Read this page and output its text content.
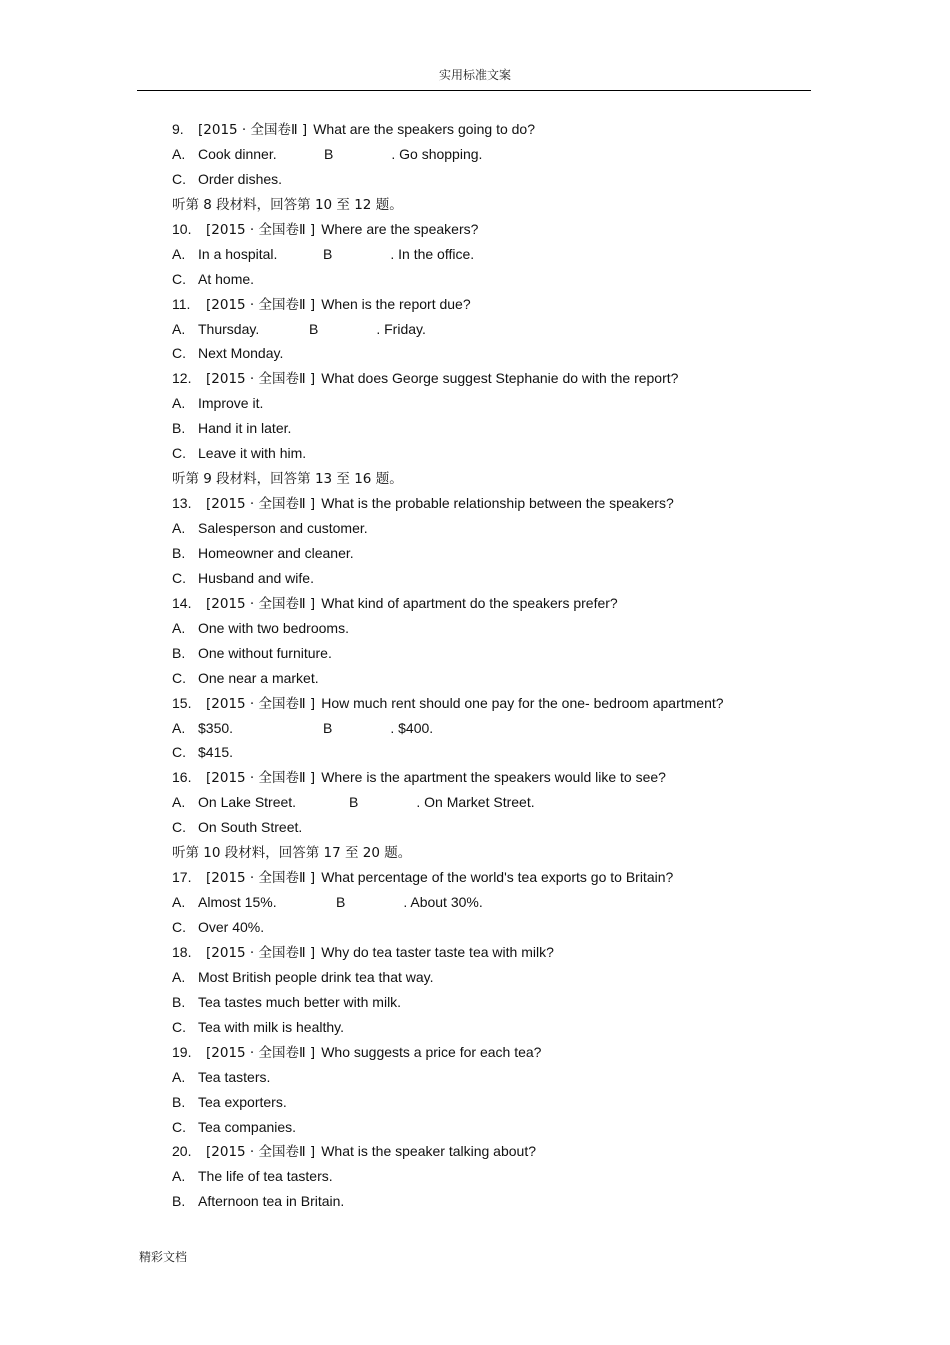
实用标准文案
9. [2015 · 全国卷Ⅱ ] What are the speakers going to do?
A. Cook dinner.	B	. Go shopping.
C. Order dishes.
听第 8 段材料，回答第 10 至 12 题。
10. [2015 · 全国卷Ⅱ ] Where are the speakers?
A. In a hospital.	B	. In the office.
C. At home.
11. [2015 · 全国卷Ⅱ ] When is the report due?
A. Thursday.	B	. Friday.
C. Next Monday.
12. [2015 · 全国卷Ⅱ ] What does George suggest Stephanie do with the report?
A. Improve it.
B. Hand it in later.
C. Leave it with him.
听第 9 段材料，回答第 13 至 16 题。
13. [2015 · 全国卷Ⅱ ] What is the probable relationship between the speakers?
A. Salesperson and customer.
B. Homeowner and cleaner.
C. Husband and wife.
14. [2015 · 全国卷Ⅱ ] What kind of apartment do the speakers prefer?
A. One with two bedrooms.
B. One without furniture.
C. One near a market.
15. [2015 · 全国卷Ⅱ ] How much rent should one pay for the one- bedroom apartment?
A. $350.	B	. $400.
C. $415.
16. [2015 · 全国卷Ⅱ ] Where is the apartment the speakers would like to see?
A. On Lake Street.	B	. On Market Street.
C. On South Street.
听第 10 段材料，回答第 17 至 20 题。
17. [2015 · 全国卷Ⅱ ] What percentage of the world's tea exports go to Britain?
A. Almost 15%.	B	. About 30%.
C. Over 40%.
18. [2015 · 全国卷Ⅱ ] Why do tea taster taste tea with milk?
A. Most British people drink tea that way.
B. Tea tastes much better with milk.
C. Tea with milk is healthy.
19. [2015 · 全国卷Ⅱ ] Who suggests a price for each tea?
A. Tea tasters.
B. Tea exporters.
C. Tea companies.
20. [2015 · 全国卷Ⅱ ] What is the speaker talking about?
A. The life of tea tasters.
B. Afternoon tea in Britain.
精彩文档
